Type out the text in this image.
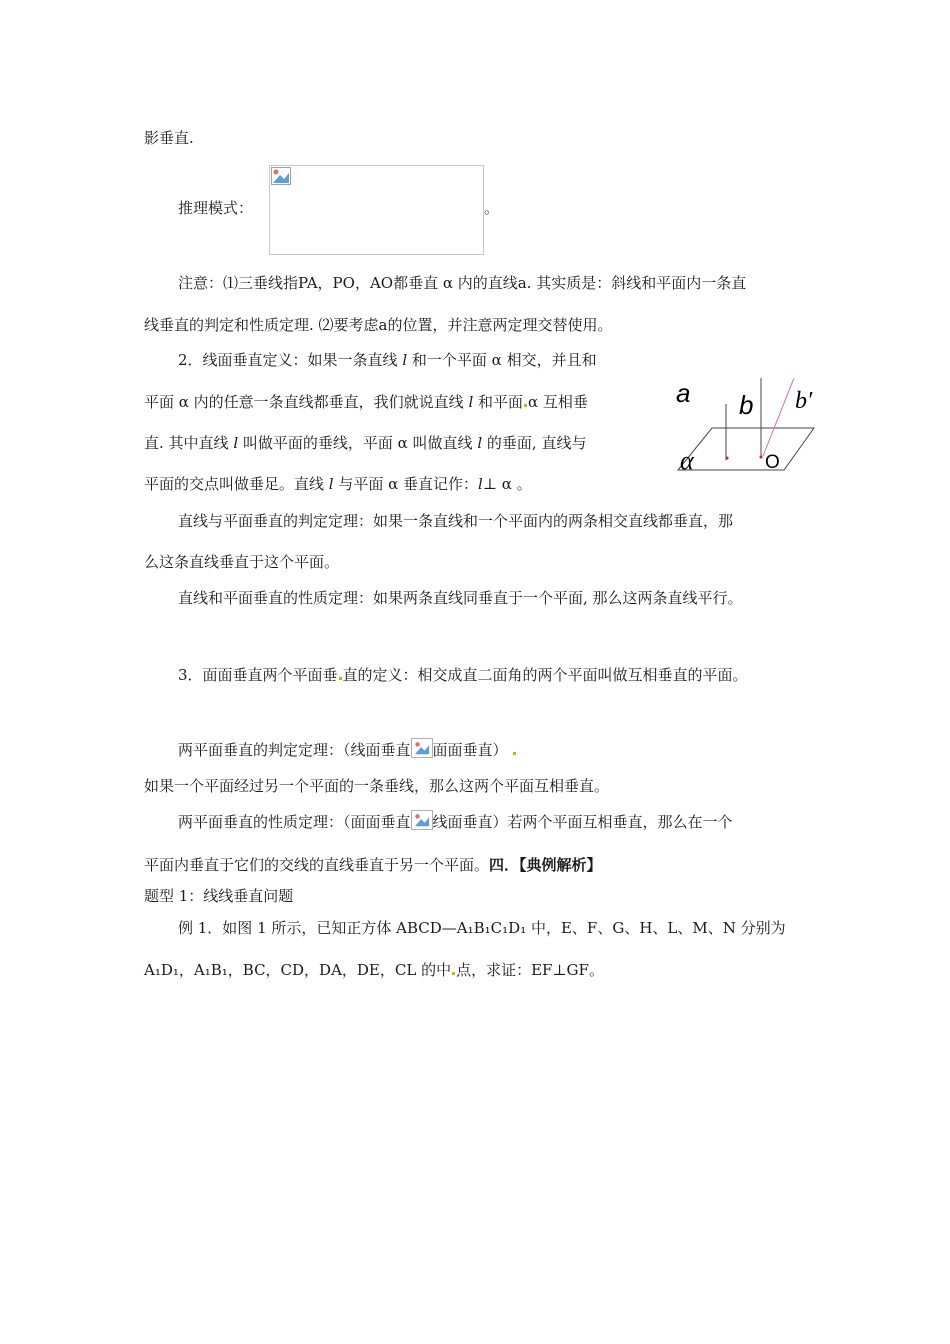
影垂直.
推理模式：	。
注意：⑴三垂线指PA，PO，AO都垂直 α 内的直线a. 其实质是：斜线和平面内一条直
线垂直的判定和性质定理. ⑵要考虑a的位置，并注意两定理交替使用。
2．线面垂直定义：如果一条直线 l 和一个平面 α 相交，并且和
平面 α 内的任意一条直线都垂直，我们就说直线 l 和平面 α 互相垂
直. 其中直线 l 叫做平面的垂线，平面 α 叫做直线 l 的垂面, 直线与
平面的交点叫做垂足。直线 l 与平面 α 垂直记作：l⊥ α 。
a b b′
α	O
直线与平面垂直的判定定理：如果一条直线和一个平面内的两条相交直线都垂直，那
么这条直线垂直于这个平面。
直线和平面垂直的性质定理：如果两条直线同垂直于一个平面, 那么这两条直线平行。
3．面面垂直两个平面垂 直的定义：相交成直二面角的两个平面叫做互相垂直的平面。
两平面垂直的判定定理：（线面垂直 面面垂直）
如果一个平面经过另一个平面的一条垂线，那么这两个平面互相垂直。
两平面垂直的性质定理：（面面垂直 线面垂直）若两个平面互相垂直，那么在一个
平面内垂直于它们的交线的直线垂直于另一个平面。四．【典例解析】
题型 1：线线垂直问题
例 1．如图 1 所示，已知正方体 ABCD—A₁B₁C₁D₁ 中，E、F、G、H、L、M、N 分别为
A₁D₁，A₁B₁，BC，CD，DA，DE，CL 的中 点，求证：EF⊥GF。
